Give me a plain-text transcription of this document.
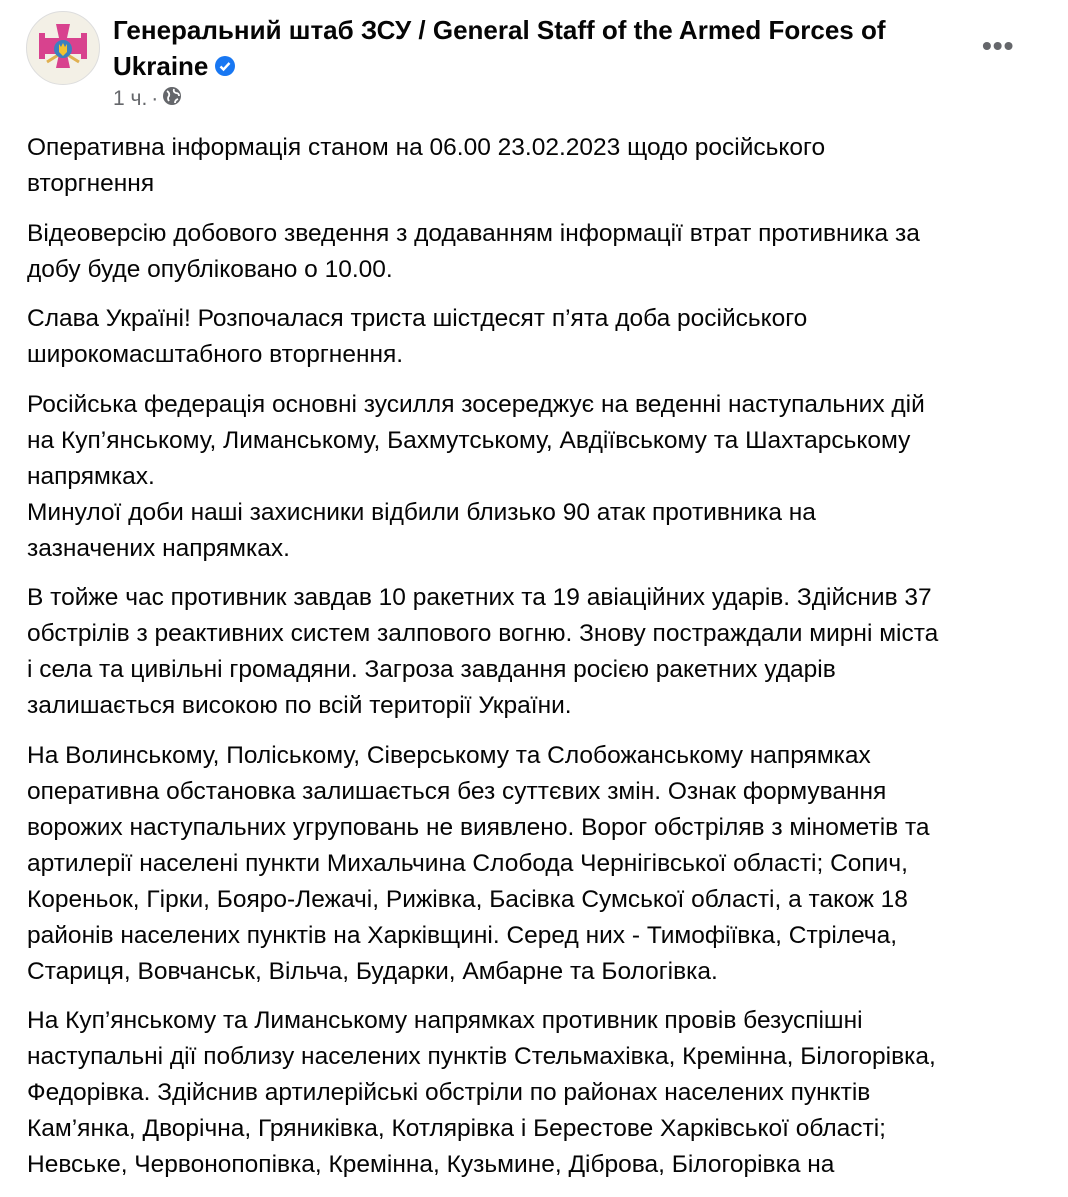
Генеральний штаб ЗСУ / General Staff of the Armed Forces of
Ukraine
1 ч. ·
•••
Оперативна інформація станом на 06.00 23.02.2023 щодо російського
вторгнення
Відеоверсію добового зведення з додаванням інформації втрат противника за
добу буде опубліковано о 10.00.
Слава Україні! Розпочалася триста шістдесят п’ята доба російського
широкомасштабного вторгнення.
Російська федерація основні зусилля зосереджує на веденні наступальних дій
на Куп’янському, Лиманському, Бахмутському, Авдіївському та Шахтарському
напрямках.
Минулої доби наші захисники відбили близько 90 атак противника на
зазначених напрямках.
В тойже час противник завдав 10 ракетних та 19 авіаційних ударів. Здійснив 37
обстрілів з реактивних систем залпового вогню. Знову постраждали мирні міста
і села та цивільні громадяни. Загроза завдання росією ракетних ударів
залишається високою по всій території України.
На Волинському, Поліському, Сіверському та Слобожанському напрямках
оперативна обстановка залишається без суттєвих змін. Ознак формування
ворожих наступальних угруповань не виявлено. Ворог обстріляв з мінометів та
артилерії населені пункти Михальчина Слобода Чернігівської області; Сопич,
Кореньок, Гірки, Бояро-Лежачі, Рижівка, Басівка Сумської області, а також 18
районів населених пунктів на Харківщині. Серед них - Тимофіївка, Стрілеча,
Стариця, Вовчанськ, Вільча, Бударки, Амбарне та Бологівка.
На Куп’янському та Лиманському напрямках противник провів безуспішні
наступальні дії поблизу населених пунктів Стельмахівка, Кремінна, Білогорівка,
Федорівка. Здійснив артилерійські обстріли по районах населених пунктів
Кам’янка, Дворічна, Гряниківка, Котлярівка і Берестове Харківської області;
Невське, Червонопопівка, Кремінна, Кузьмине, Діброва, Білогорівка на
